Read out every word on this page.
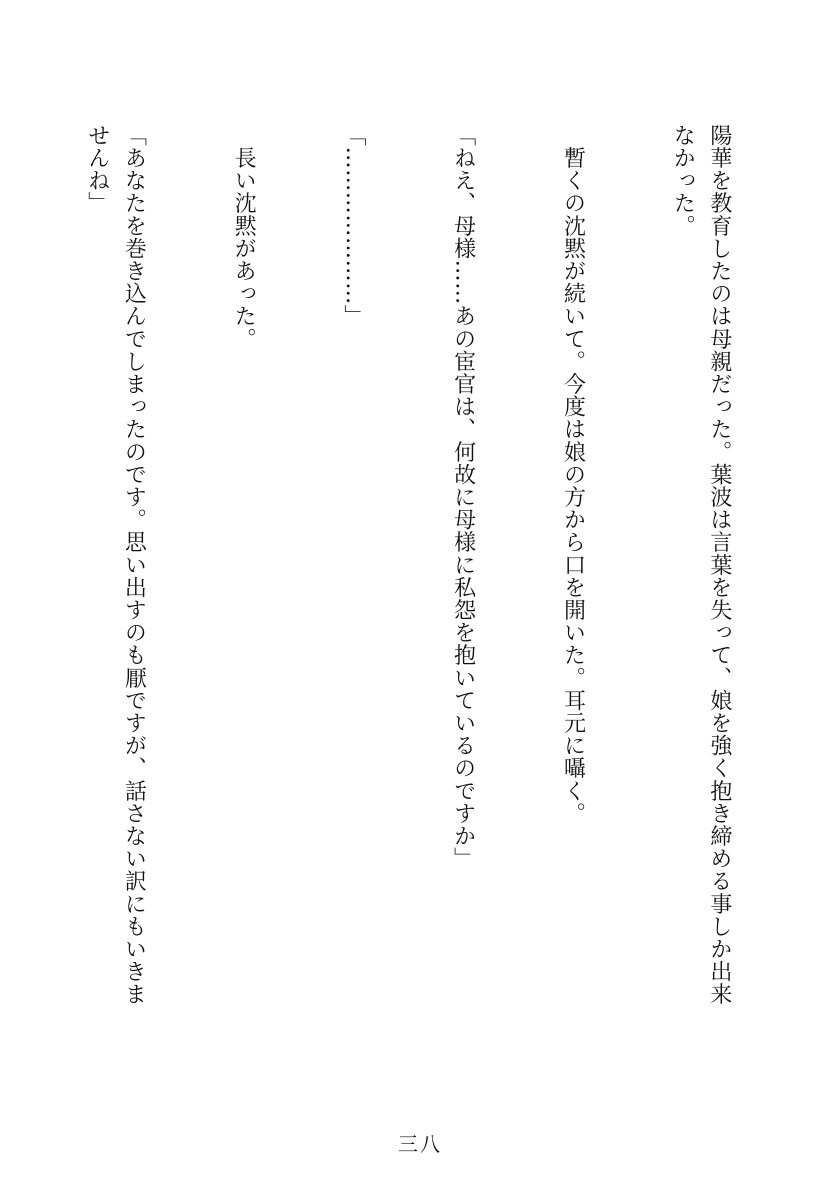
陽華を教育したのは母親だった。葉波は言葉を失って、娘を強く抱き締める事しか出来なかった。

　暫くの沈黙が続いて。今度は娘の方から口を開いた。耳元に囁く。

「ねえ、母様……あの宦官は、何故に母様に私怨を抱いているのですか」

「…………………」

　長い沈黙があった。

「あなたを巻き込んでしまったのです。思い出すのも厭ですが、話さない訳にもいきませんね」

三八
